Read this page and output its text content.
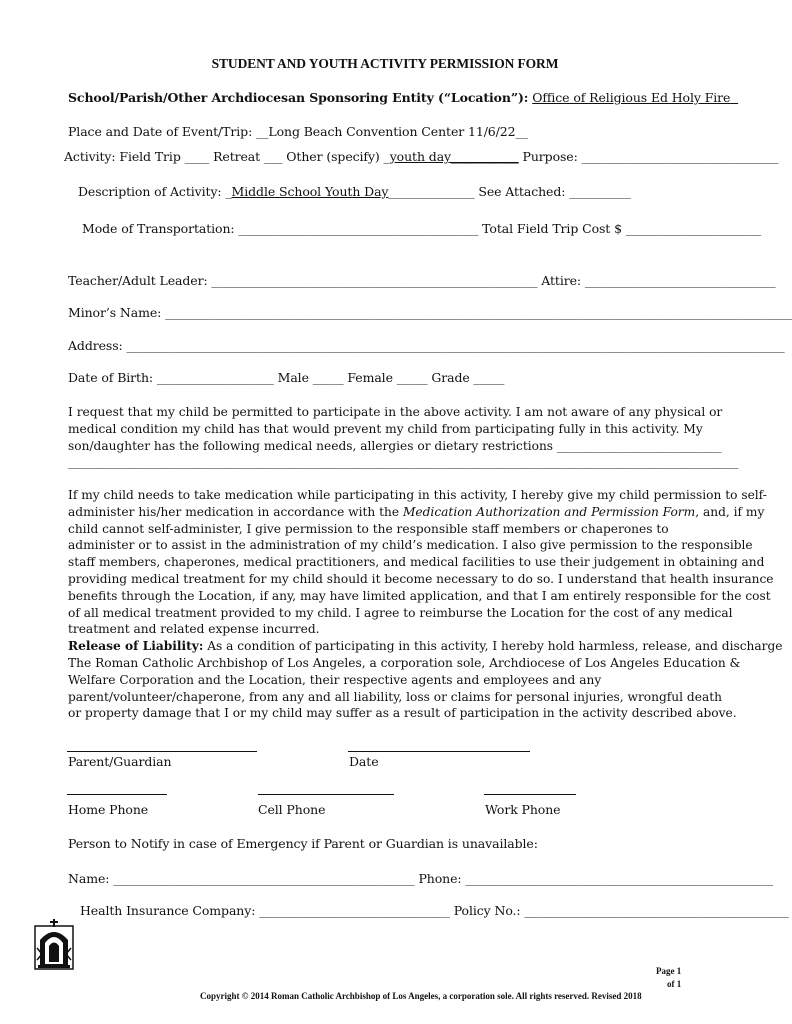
STUDENT AND YOUTH ACTIVITY PERMISSION FORM
School/Parish/Other Archdiocesan Sponsoring Entity (“Location”): Office of Religious Ed Holy Fire
Place and Date of Event/Trip: __Long Beach Convention Center 11/6/22__
Activity: Field Trip ____ Retreat ___ Other (specify) _youth day___________ Purpose: ________________________________
Description of Activity: _Middle School Youth Day______________ See Attached: __________
Mode of Transportation: _______________________________________ Total Field Trip Cost $ ______________________
Teacher/Adult Leader: _____________________________________________________ Attire: _______________________________
Minor’s Name: ______________________________________________________________________________________________________
Address: ___________________________________________________________________________________________________________
Date of Birth: ___________________ Male _____ Female _____ Grade _____
I request that my child be permitted to participate in the above activity. I am not aware of any physical or
medical condition my child has that would prevent my child from participating fully in this activity. My
son/daughter has the following medical needs, allergies or dietary restrictions ___________________________
______________________________________________________________________________________________________________
If my child needs to take medication while participating in this activity, I hereby give my child permission to self-
administer his/her medication in accordance with the Medication Authorization and Permission Form, and, if my
child cannot self-administer, I give permission to the responsible staff members or chaperones to
administer or to assist in the administration of my child’s medication. I also give permission to the responsible
staff members, chaperones, medical practitioners, and medical facilities to use their judgement in obtaining and
providing medical treatment for my child should it become necessary to do so. I understand that health insurance
benefits through the Location, if any, may have limited application, and that I am entirely responsible for the cost
of all medical treatment provided to my child. I agree to reimburse the Location for the cost of any medical
treatment and related expense incurred.
Release of Liability: As a condition of participating in this activity, I hereby hold harmless, release, and discharge
The Roman Catholic Archbishop of Los Angeles, a corporation sole, Archdiocese of Los Angeles Education &
Welfare Corporation and the Location, their respective agents and employees and any
parent/volunteer/chaperone, from any and all liability, loss or claims for personal injuries, wrongful death
or property damage that I or my child may suffer as a result of participation in the activity described above.
Parent/Guardian	Date
Home Phone	Cell Phone	Work Phone
Person to Notify in case of Emergency if Parent or Guardian is unavailable:
Name: _________________________________________________ Phone: __________________________________________________
Health Insurance Company: _______________________________ Policy No.: ___________________________________________
Page 1
of 1
Copyright © 2014 Roman Catholic Archbishop of Los Angeles, a corporation sole. All rights reserved. Revised 2018
